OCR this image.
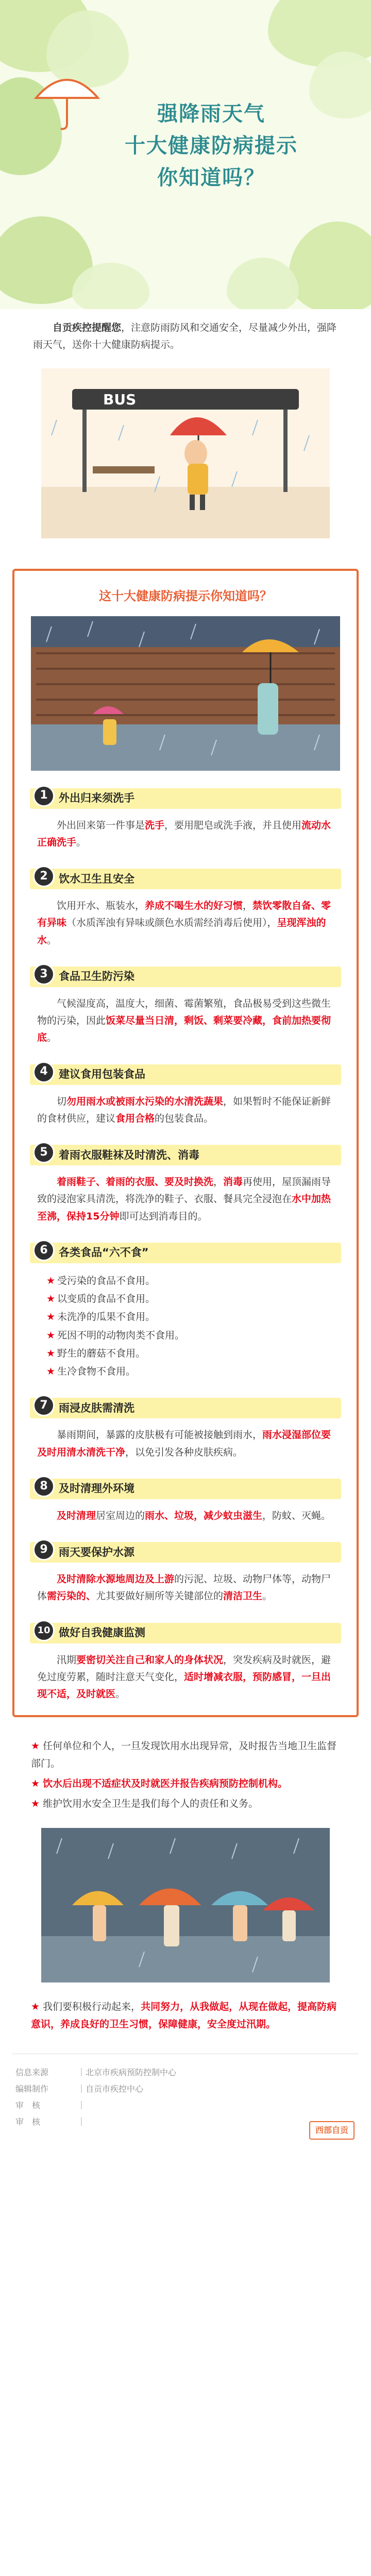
强降雨天气
十大健康防病提示
你知道吗？

自贡疾控提醒您，注意防雨防风和交通安全，尽量减少外出，强降雨天气，送你十大健康防病提示。

BUS
这十大健康防病提示你知道吗？
1	外出归来须洗手

外出回来第一件事是洗手，要用肥皂或洗手液，并且使用流动水正确洗手。

2	饮水卫生且安全

饮用开水、瓶装水，养成不喝生水的好习惯，禁饮零散自备、零有异味（水质浑浊有异味或颜色水质需经消毒后使用），呈现浑浊的水。

3	食品卫生防污染

气候湿度高，温度大，细菌、霉菌繁殖，食品极易受到这些微生物的污染，因此饭菜尽量当日清，剩饭、剩菜要冷藏，食前加热要彻底。

4	建议食用包装食品

切勿用雨水或被雨水污染的水清洗蔬果，如果暂时不能保证新鲜的食材供应，建议食用合格的包装食品。

5	着雨衣服鞋袜及时清洗、消毒

着雨鞋子、着雨的衣服、要及时换洗，消毒再使用，屋顶漏雨导致的浸泡家具清洗，将洗净的鞋子、衣服、餐具完全浸泡在水中加热至沸，保持15分钟即可达到消毒目的。

6	各类食品“六不食”
★ 受污染的食品不食用。
★ 以变质的食品不食用。
★ 未洗净的瓜果不食用。
★ 死因不明的动物肉类不食用。
★ 野生的蘑菇不食用。
★ 生冷食物不食用。
7	雨浸皮肤需清洗

暴雨期间，暴露的皮肤极有可能被接触到雨水，雨水浸湿部位要及时用清水清洗干净，以免引发各种皮肤疾病。

8	及时清理外环境

及时清理居室周边的雨水、垃圾，减少蚊虫滋生，防蚊、灭蝇。

9	雨天要保护水源

及时清除水源地周边及上游的污泥、垃圾、动物尸体等，动物尸体需污染的、尤其要做好厕所等关键部位的清洁卫生。

10 做好自我健康监测

汛期要密切关注自己和家人的身体状况，突发疾病及时就医，避免过度劳累，随时注意天气变化，适时增减衣服，预防感冒，一旦出现不适，及时就医。

★ 任何单位和个人，一旦发现饮用水出现异常，及时报告当地卫生监督部门。

★ 饮水后出现不适症状及时就医并报告疾病预防控制机构。

★ 维护饮用水安全卫生是我们每个人的责任和义务。

★ 我们要积极行动起来，共同努力，从我做起，从现在做起，提高防病意识，养成良好的卫生习惯，保障健康，安全度过汛期。

信息来源	｜ 北京市疾病预防控制中心
编辑制作	｜ 自贡市疾控中心
审　核	｜
审　核	｜
西部自贡
